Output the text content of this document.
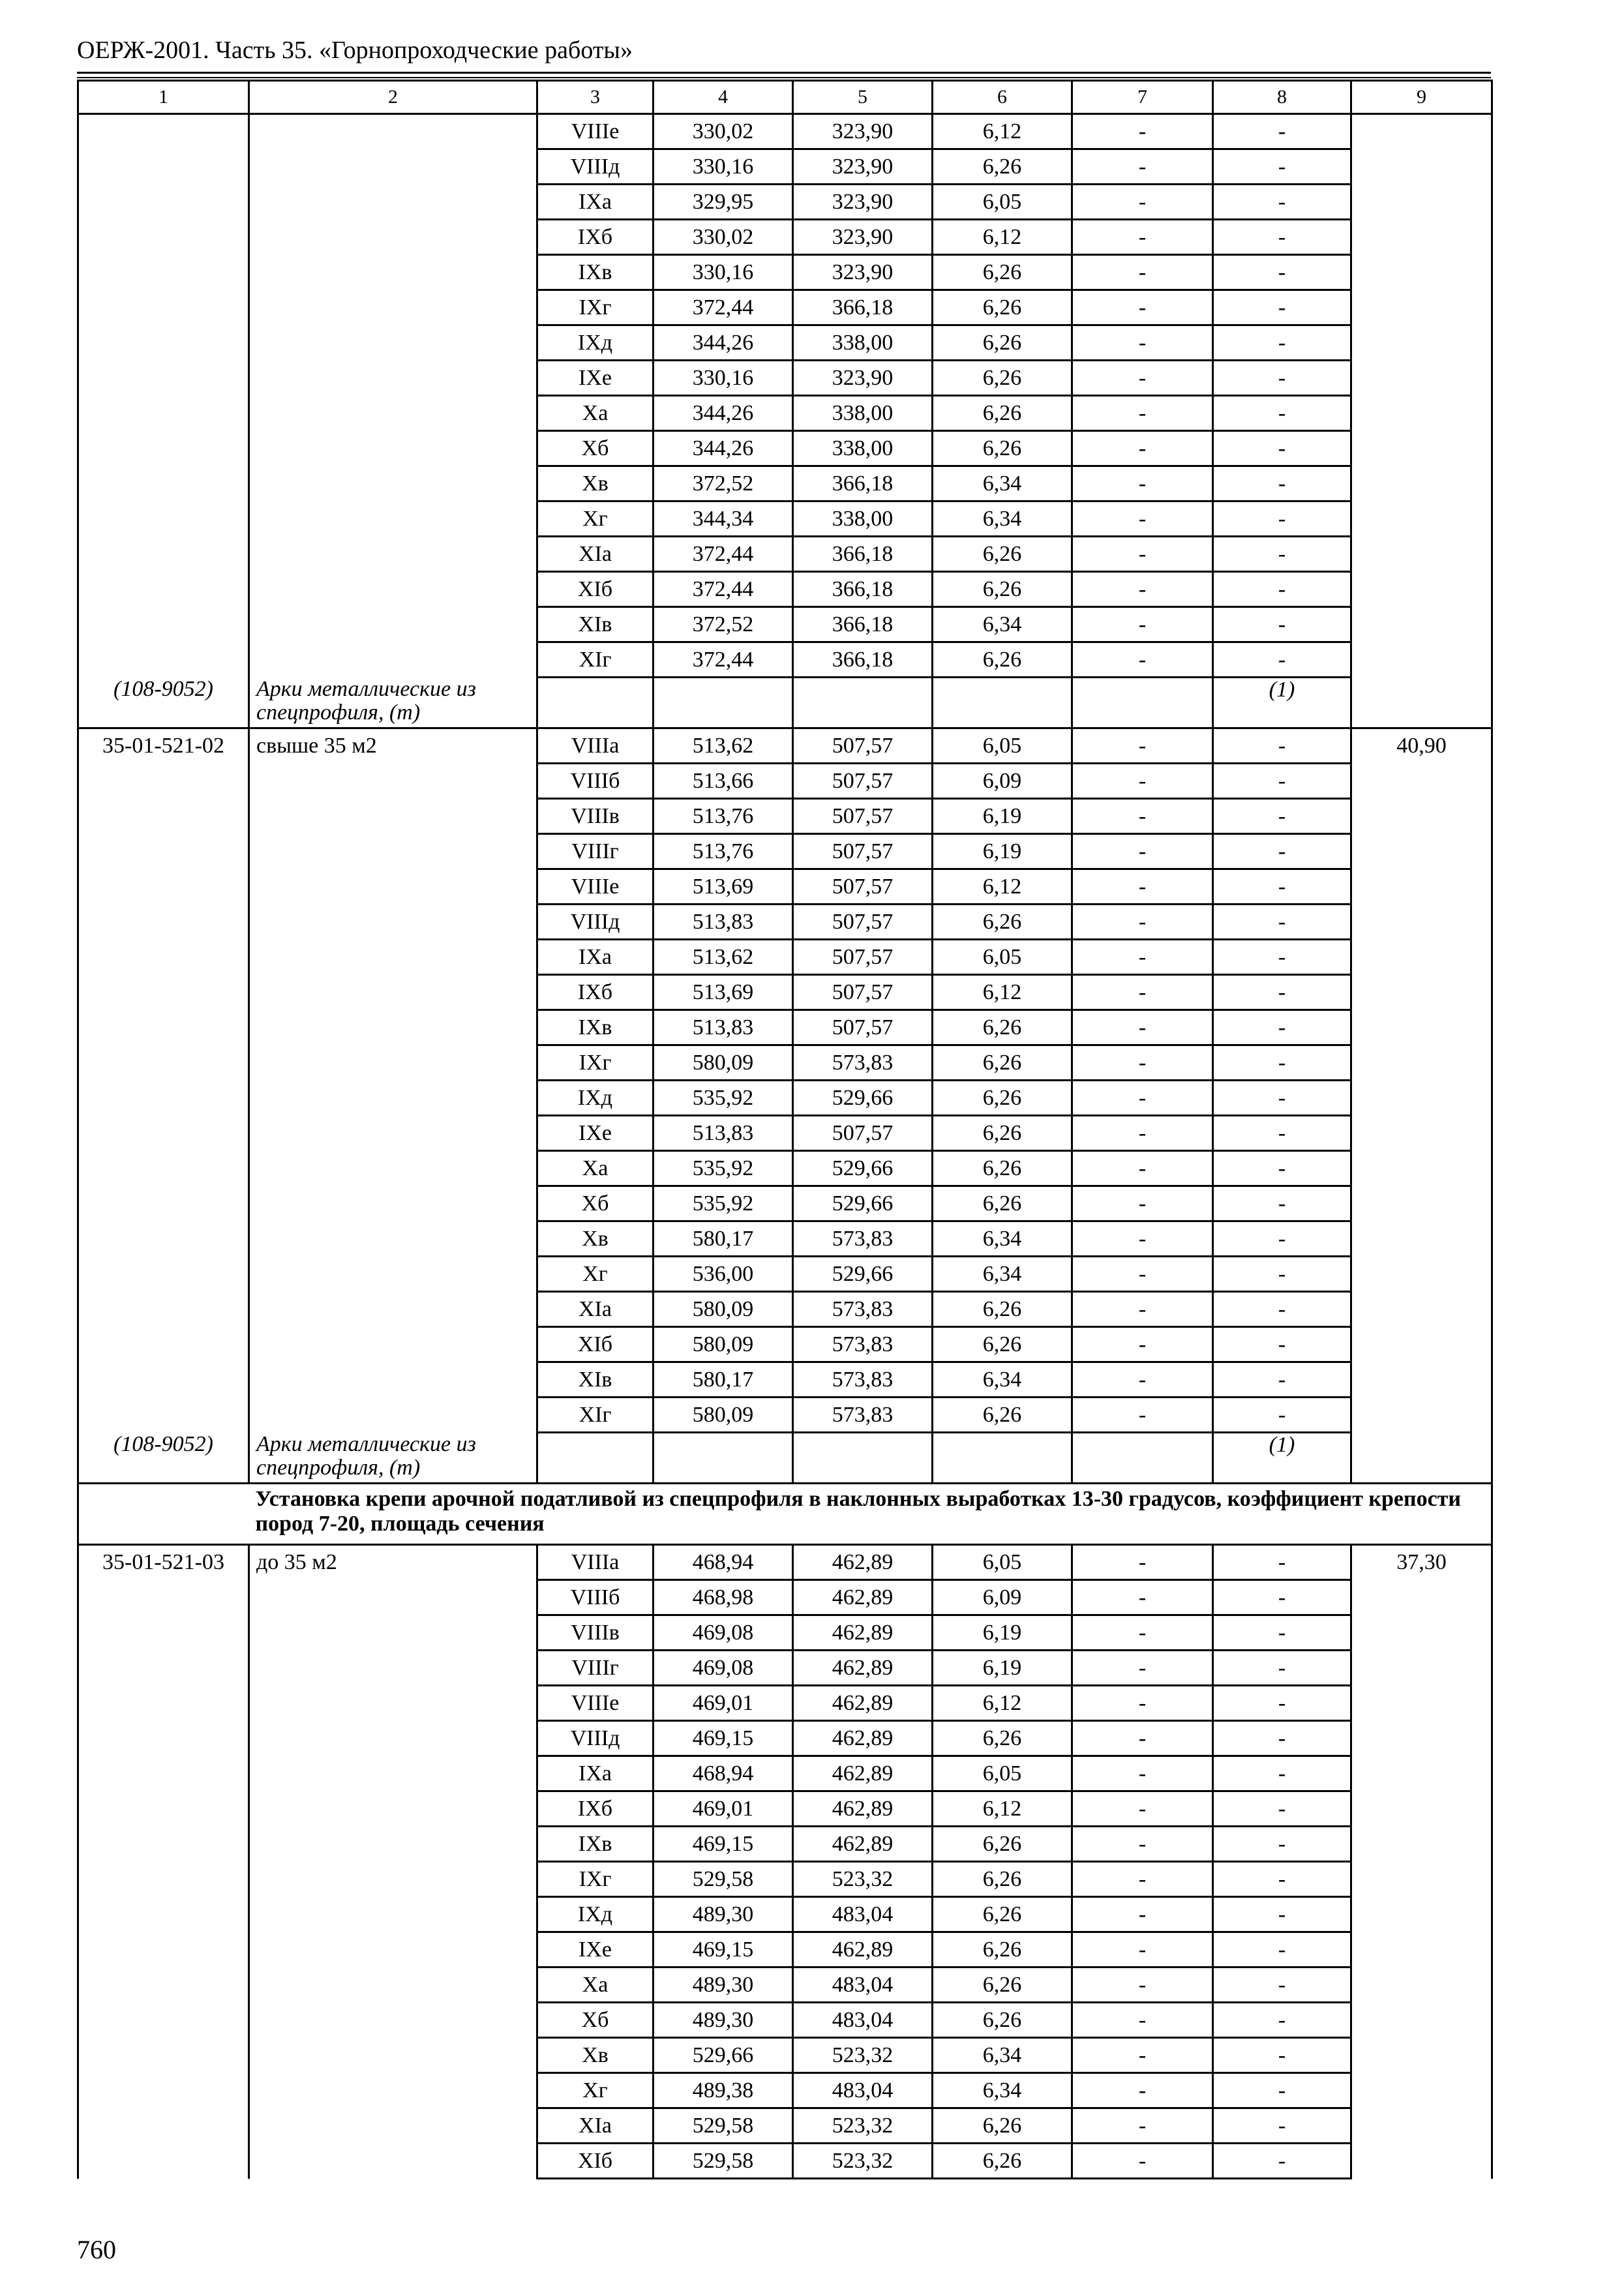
ОЕРЖ-2001. Часть 35. «Горнопроходческие работы»
1	2	3	4	5	6	7	8	9
		VIIIе	330,02	323,90	6,12	-	-	
		VIIIд	330,16	323,90	6,26	-	-	
		IXа	329,95	323,90	6,05	-	-	
		IXб	330,02	323,90	6,12	-	-	
		IXв	330,16	323,90	6,26	-	-	
		IXг	372,44	366,18	6,26	-	-	
		IXд	344,26	338,00	6,26	-	-	
		IXе	330,16	323,90	6,26	-	-	
		Xа	344,26	338,00	6,26	-	-	
		Xб	344,26	338,00	6,26	-	-	
		Xв	372,52	366,18	6,34	-	-	
		Xг	344,34	338,00	6,34	-	-	
		XIа	372,44	366,18	6,26	-	-	
		XIб	372,44	366,18	6,26	-	-	
		XIв	372,52	366,18	6,34	-	-	
		XIг	372,44	366,18	6,26	-	-	
(108-9052)	Арки металлические из спецпрофиля, (т)						(1)	
35-01-521-02	свыше 35 м2	VIIIа	513,62	507,57	6,05	-	-	40,90
		VIIIб	513,66	507,57	6,09	-	-	
		VIIIв	513,76	507,57	6,19	-	-	
		VIIIг	513,76	507,57	6,19	-	-	
		VIIIе	513,69	507,57	6,12	-	-	
		VIIIд	513,83	507,57	6,26	-	-	
		IXа	513,62	507,57	6,05	-	-	
		IXб	513,69	507,57	6,12	-	-	
		IXв	513,83	507,57	6,26	-	-	
		IXг	580,09	573,83	6,26	-	-	
		IXд	535,92	529,66	6,26	-	-	
		IXе	513,83	507,57	6,26	-	-	
		Xа	535,92	529,66	6,26	-	-	
		Xб	535,92	529,66	6,26	-	-	
		Xв	580,17	573,83	6,34	-	-	
		Xг	536,00	529,66	6,34	-	-	
		XIа	580,09	573,83	6,26	-	-	
		XIб	580,09	573,83	6,26	-	-	
		XIв	580,17	573,83	6,34	-	-	
		XIг	580,09	573,83	6,26	-	-	
(108-9052)	Арки металлические из спецпрофиля, (т)						(1)	
	Установка крепи арочной податливой из спецпрофиля в наклонных выработках 13-30 градусов, коэффициент крепости пород 7-20, площадь сечения							
35-01-521-03	до 35 м2	VIIIа	468,94	462,89	6,05	-	-	37,30
		VIIIб	468,98	462,89	6,09	-	-	
		VIIIв	469,08	462,89	6,19	-	-	
		VIIIг	469,08	462,89	6,19	-	-	
		VIIIе	469,01	462,89	6,12	-	-	
		VIIIд	469,15	462,89	6,26	-	-	
		IXа	468,94	462,89	6,05	-	-	
		IXб	469,01	462,89	6,12	-	-	
		IXв	469,15	462,89	6,26	-	-	
		IXг	529,58	523,32	6,26	-	-	
		IXд	489,30	483,04	6,26	-	-	
		IXе	469,15	462,89	6,26	-	-	
		Xа	489,30	483,04	6,26	-	-	
		Xб	489,30	483,04	6,26	-	-	
		Xв	529,66	523,32	6,34	-	-	
		Xг	489,38	483,04	6,34	-	-	
		XIа	529,58	523,32	6,26	-	-	
		XIб	529,58	523,32	6,26	-	-	
760
